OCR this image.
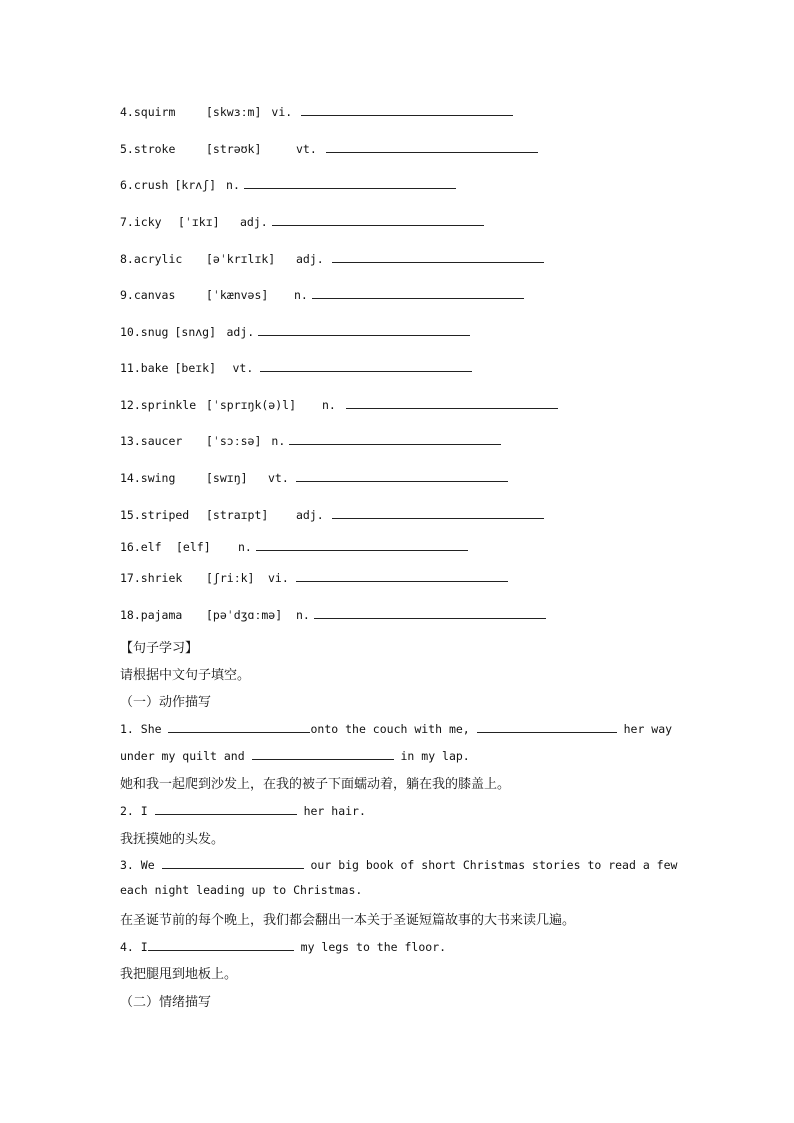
4.squirm	[skwɜːm] vi.
5.stroke	[strəʊk]	vt.
6.crush [krʌʃ] n.
7.icky [ˈɪkɪ] adj.
8.acrylic [əˈkrɪlɪk] adj.
9.canvas	[ˈkænvəs] n.
10.snug [snʌg] adj.
11.bake [beɪk] vt.
12.sprinkle [ˈsprɪŋk(ə)l] n.
13.saucer [ˈsɔːsə] n.
14.swing	[swɪŋ] vt.
15.striped [straɪpt] adj.
16.elf [elf] n.
17.shriek [ʃriːk] vi.
18.pajama [pəˈdʒɑːmə] n.
【句子学习】
请根据中文句子填空。
（一）动作描写
1. She	onto the couch with me,	her way
under my quilt and	in my lap.
她和我一起爬到沙发上，在我的被子下面蠕动着，躺在我的膝盖上。
2. I	her hair.
我抚摸她的头发。
3. We	our big book of short Christmas stories to read a few
each night leading up to Christmas.
在圣诞节前的每个晚上，我们都会翻出一本关于圣诞短篇故事的大书来读几遍。
4. I	my legs to the floor.
我把腿甩到地板上。
（二）情绪描写
